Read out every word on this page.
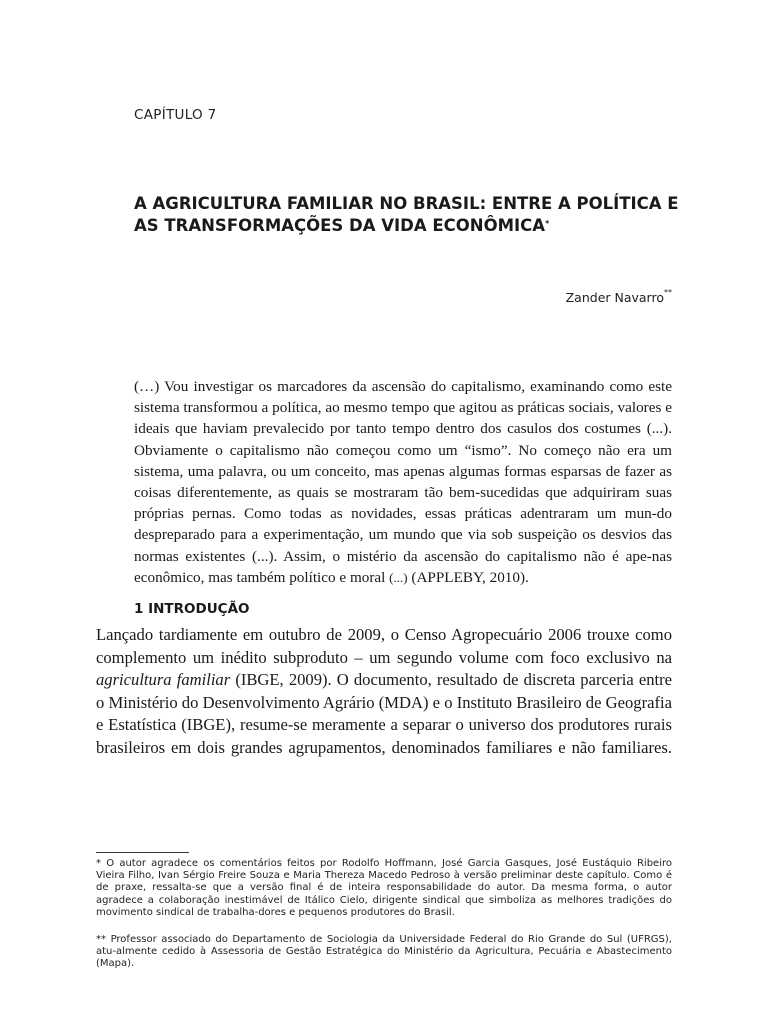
CAPÍTULO 7
A AGRICULTURA FAMILIAR NO BRASIL: ENTRE A POLÍTICA E AS TRANSFORMAÇÕES DA VIDA ECONÔMICA*
Zander Navarro**

(…) Vou investigar os marcadores da ascensão do capitalismo, examinando como este sistema transformou a política, ao mesmo tempo que agitou as práticas sociais, valores e ideais que haviam prevalecido por tanto tempo dentro dos casulos dos costumes (...). Obviamente o capitalismo não começou como um “ismo”. No começo não era um sistema, uma palavra, ou um conceito, mas apenas algumas formas esparsas de fazer as coisas diferentemente, as quais se mostraram tão bem-sucedidas que adquiriram suas próprias pernas. Como todas as novidades, essas práticas adentraram um mun-do despreparado para a experimentação, um mundo que via sob suspeição os desvios das normas existentes (...). Assim, o mistério da ascensão do capitalismo não é ape-nas econômico, mas também político e moral (...) (APPLEBY, 2010).

1 INTRODUÇÃO

Lançado tardiamente em outubro de 2009, o Censo Agropecuário 2006 trouxe como complemento um inédito subproduto – um segundo volume com foco exclusivo na agricultura familiar (IBGE, 2009). O documento, resultado de discreta parceria entre o Ministério do Desenvolvimento Agrário (MDA) e o Instituto Brasileiro de Geografia e Estatística (IBGE), resume-se meramente a separar o universo dos produtores rurais brasileiros em dois grandes agrupamentos, denominados familiares e não familiares.

* O autor agradece os comentários feitos por Rodolfo Hoffmann, José Garcia Gasques, José Eustáquio Ribeiro Vieira Filho, Ivan Sérgio Freire Souza e Maria Thereza Macedo Pedroso à versão preliminar deste capítulo. Como é de praxe, ressalta-se que a versão final é de inteira responsabilidade do autor. Da mesma forma, o autor agradece a colaboração inestimável de Itálico Cielo, dirigente sindical que simboliza as melhores tradições do movimento sindical de trabalha-dores e pequenos produtores do Brasil.

** Professor associado do Departamento de Sociologia da Universidade Federal do Rio Grande do Sul (UFRGS), atu-almente cedido à Assessoria de Gestão Estratégica do Ministério da Agricultura, Pecuária e Abastecimento (Mapa).
